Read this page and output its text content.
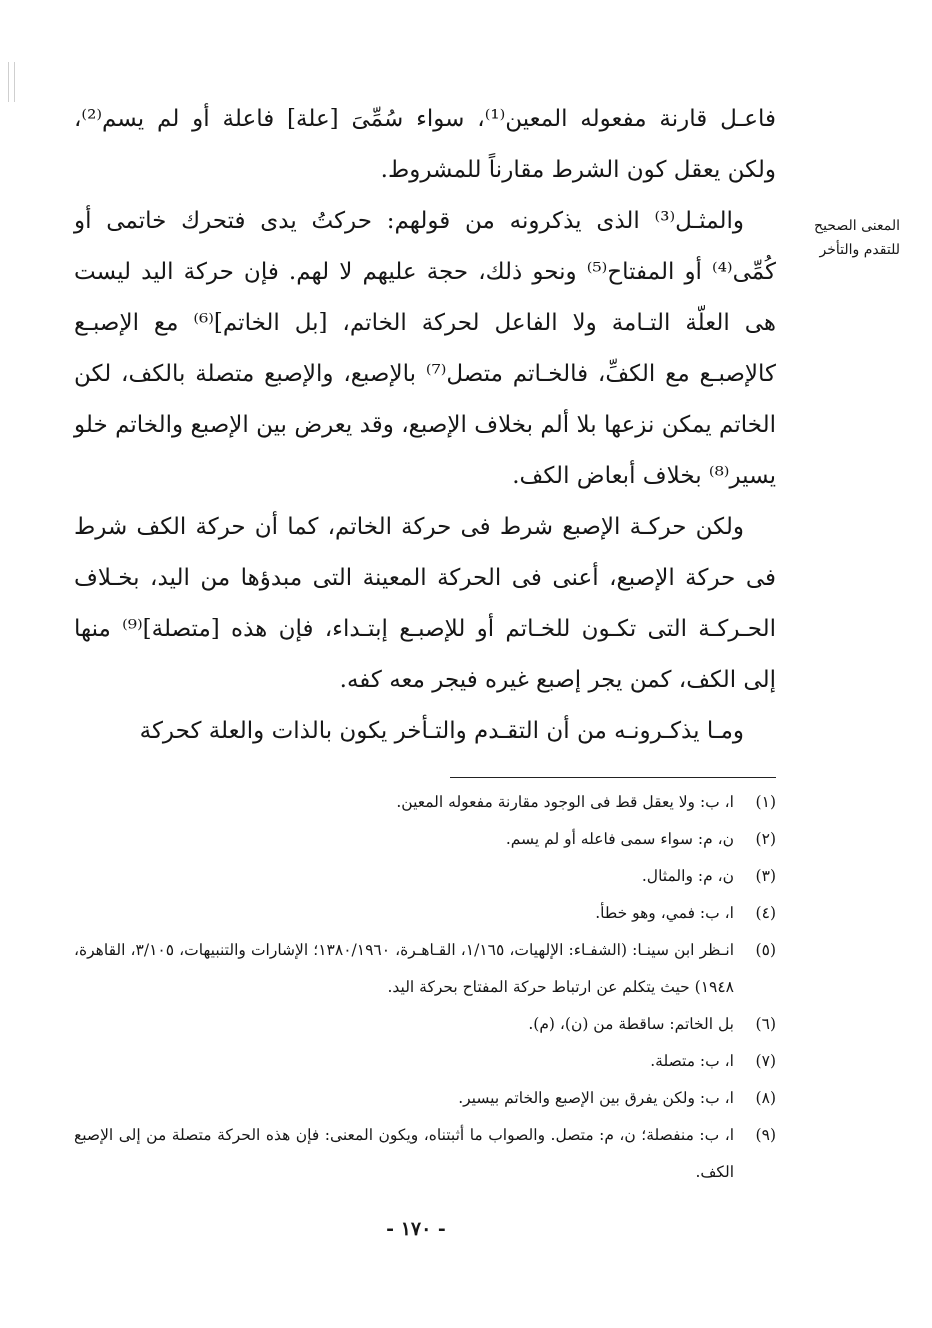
المعنى الصحيح
للتقدم والتأخر

فاعـل قارنة مفعوله المعين⁽¹⁾، سواء سُمِّىَ [علة] فاعلة أو لم يسم⁽²⁾، ولكن يعقل كون الشرط مقارناً للمشروط.

والمثـل⁽³⁾ الذى يذكرونه من قولهم: حركتُ يدى فتحرك خاتمى أو كُمِّى⁽⁴⁾ أو المفتاح⁽⁵⁾ ونحو ذلك، حجة عليهم لا لهم. فإن حركة اليد ليست هى العلّة التـامة ولا الفاعل لحركة الخاتم، [بل الخاتم]⁽⁶⁾ مع الإصبـع كالإصبـع مع الكفِّ، فالخـاتم متصل⁽⁷⁾ بالإصبع، والإصبع متصلة بالكف، لكن الخاتم يمكن نزعها بلا ألم بخلاف الإصبع، وقد يعرض بين الإصبع والخاتم خلو يسير⁽⁸⁾ بخلاف أبعاض الكف.

ولكن حركـة الإصبع شرط فى حركة الخاتم، كما أن حركة الكف شرط فى حركة الإصبع، أعنى فى الحركة المعينة التى مبدؤها من اليد، بخـلاف الحـركـة التى تكـون للخـاتم أو للإصبـع إبتـداء، فإن هذه [متصلة]⁽⁹⁾ منها إلى الكف، كمن يجر إصبع غيره فيجر معه كفه.

ومـا يذكـرونـه من أن التقـدم والتـأخر يكون بالذات والعلة كحركة

(١)
ا، ب: ولا يعقل قط فى الوجود مقارنة مفعوله المعين.
(٢)
ن، م: سواء سمى فاعله أو لم يسم.
(٣)
ن، م: والمثال.
(٤)
ا، ب: فمي، وهو خطأ.
(٥)
انـظر ابن سينـا: (الشفـاء: الإلهيات، ١/١٦٥، القـاهـرة، ١٣٨٠/١٩٦٠؛ الإشارات والتنبيهات، ٣/١٠٥، القاهرة، ١٩٤٨) حيث يتكلم عن ارتباط حركة المفتاح بحركة اليد.
(٦)
بل الخاتم: ساقطة من (ن)، (م).
(٧)
ا، ب: متصلة.
(٨)
ا، ب: ولكن يفرق بين الإصبع والخاتم بيسير.
(٩)
ا، ب: منفصلة؛ ن، م: متصل. والصواب ما أثبتناه، ويكون المعنى: فإن هذه الحركة متصلة من إلى الإصبع الكف.
- ١٧٠ -
